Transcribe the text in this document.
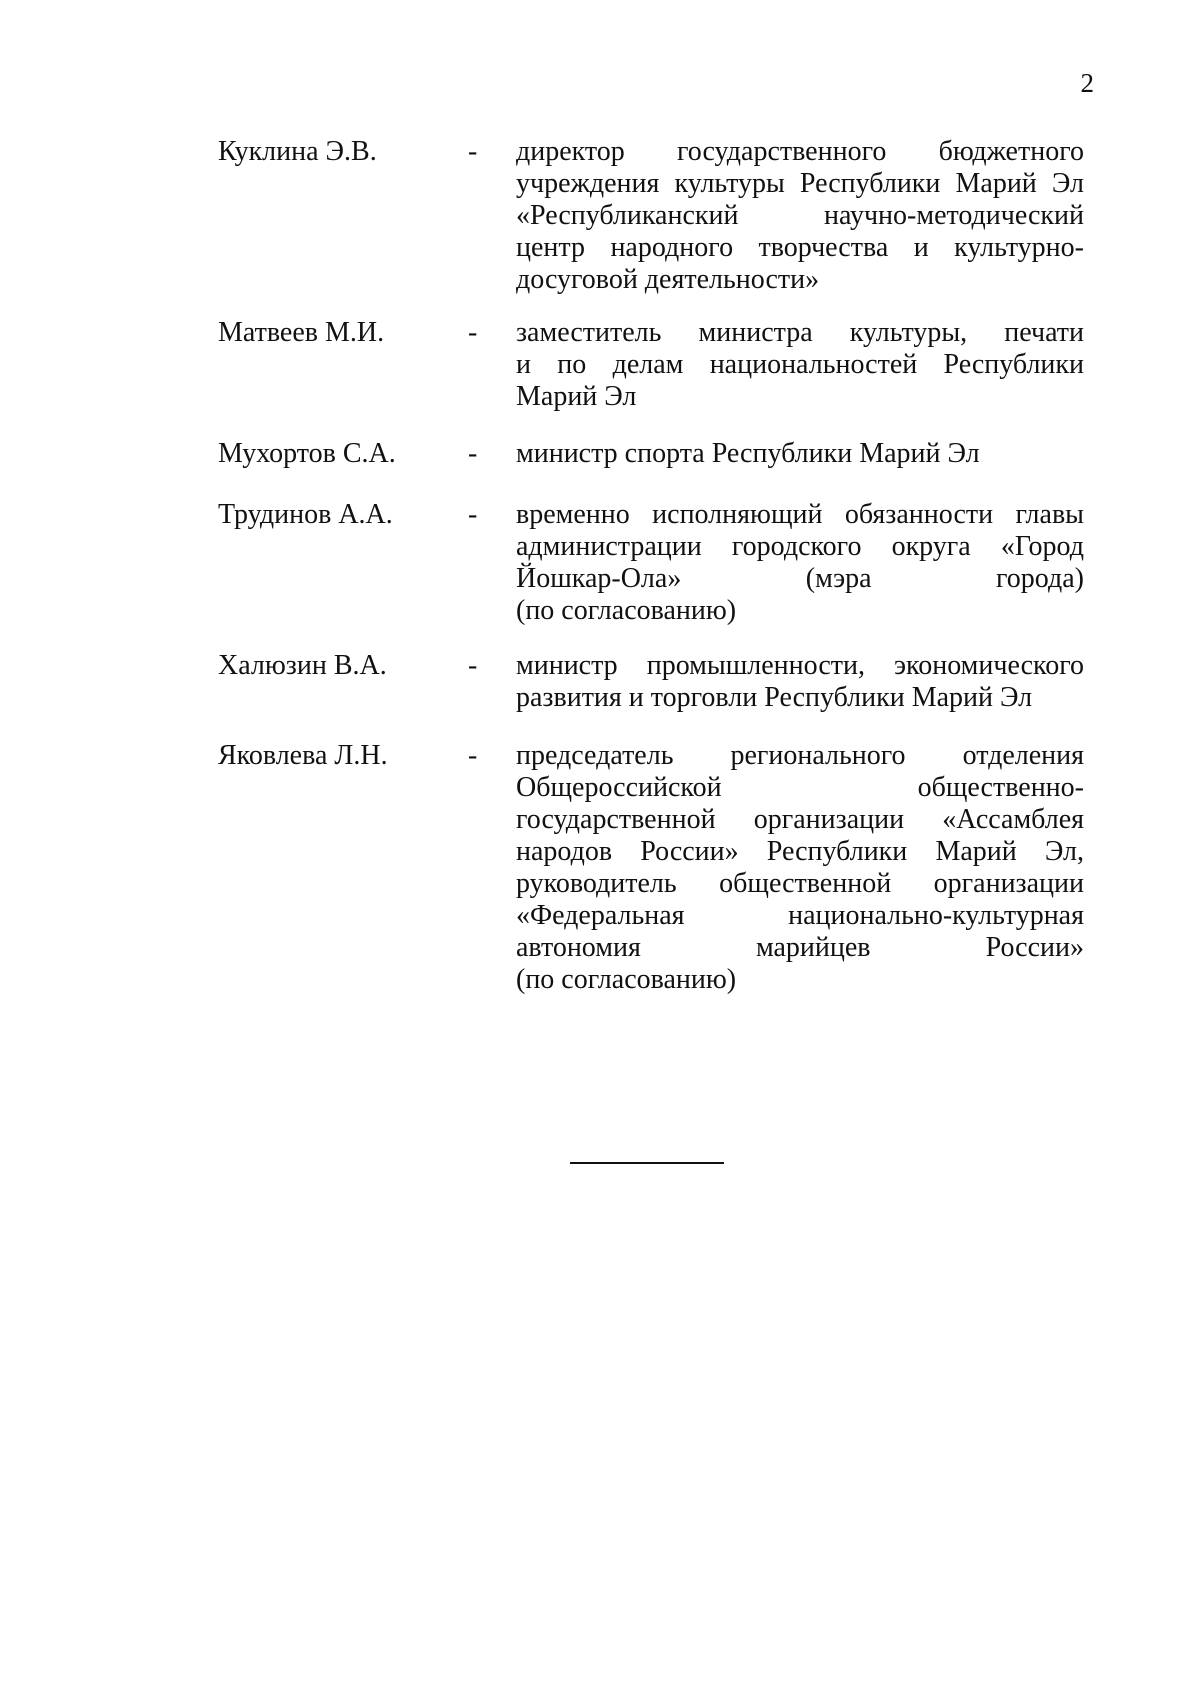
2
Куклина Э.В.	-	директор государственного бюджетного
учреждения культуры Республики Марий Эл
«Республиканский научно-методический
центр народного творчества и культурно-
досуговой деятельности»
Матвеев М.И.	-	заместитель министра культуры, печати
и по делам национальностей Республики
Марий Эл
Мухортов С.А.	-	министр спорта Республики Марий Эл
Трудинов А.А.	-	временно исполняющий обязанности главы
администрации городского округа «Город
Йошкар-Ола» (мэра города)
(по согласованию)
Халюзин В.А.	-	министр промышленности, экономического
развития и торговли Республики Марий Эл
Яковлева Л.Н.	-	председатель регионального отделения
Общероссийской общественно-
государственной организации «Ассамблея
народов России» Республики Марий Эл,
руководитель общественной организации
«Федеральная национально-культурная
автономия марийцев России»
(по согласованию)
